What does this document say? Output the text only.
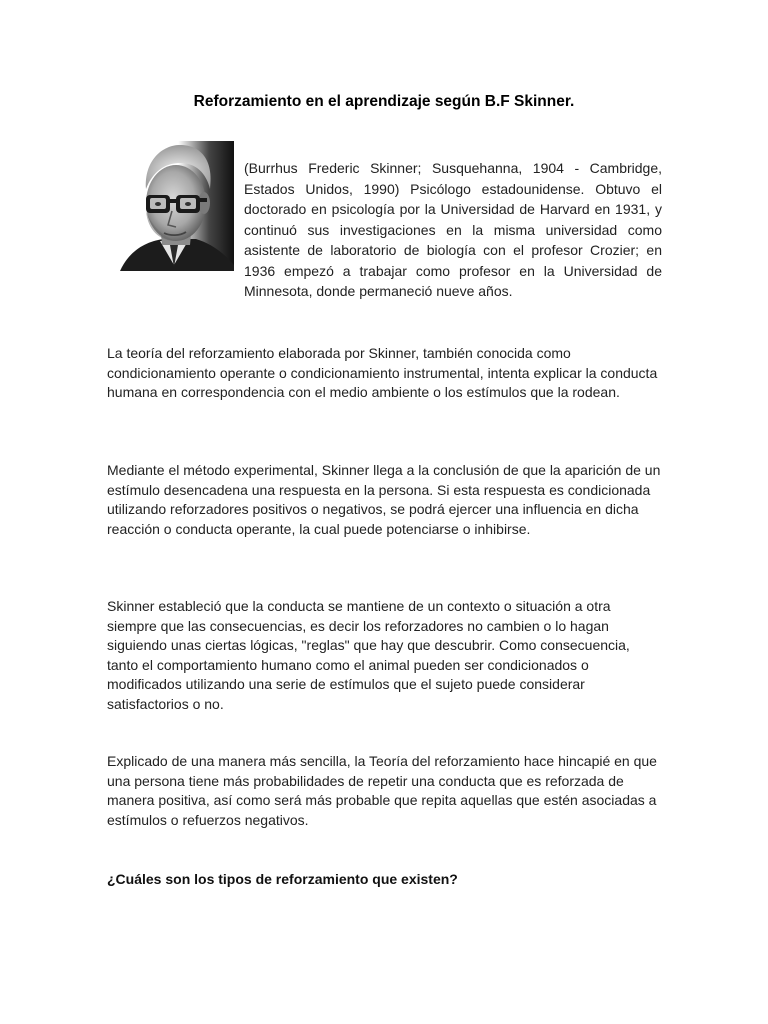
Reforzamiento en el aprendizaje según B.F Skinner.
(Burrhus Frederic Skinner; Susquehanna, 1904 - Cambridge, Estados Unidos, 1990) Psicólogo estadounidense. Obtuvo el doctorado en psicología por la Universidad de Harvard en 1931, y continuó sus investigaciones en la misma universidad como asistente de laboratorio de biología con el profesor Crozier; en 1936 empezó a trabajar como profesor en la Universidad de Minnesota, donde permaneció nueve años.
La teoría del reforzamiento elaborada por Skinner, también conocida como condicionamiento operante o condicionamiento instrumental, intenta explicar la conducta humana en correspondencia con el medio ambiente o los estímulos que la rodean.
Mediante el método experimental, Skinner llega a la conclusión de que la aparición de un estímulo desencadena una respuesta en la persona. Si esta respuesta es condicionada utilizando reforzadores positivos o negativos, se podrá ejercer una influencia en dicha reacción o conducta operante, la cual puede potenciarse o inhibirse.
Skinner estableció que la conducta se mantiene de un contexto o situación a otra siempre que las consecuencias, es decir los reforzadores no cambien o lo hagan siguiendo unas ciertas lógicas, "reglas" que hay que descubrir. Como consecuencia, tanto el comportamiento humano como el animal pueden ser condicionados o modificados utilizando una serie de estímulos que el sujeto puede considerar satisfactorios o no.
Explicado de una manera más sencilla, la Teoría del reforzamiento hace hincapié en que una persona tiene más probabilidades de repetir una conducta que es reforzada de manera positiva, así como será más probable que repita aquellas que estén asociadas a estímulos o refuerzos negativos.
¿Cuáles son los tipos de reforzamiento que existen?
